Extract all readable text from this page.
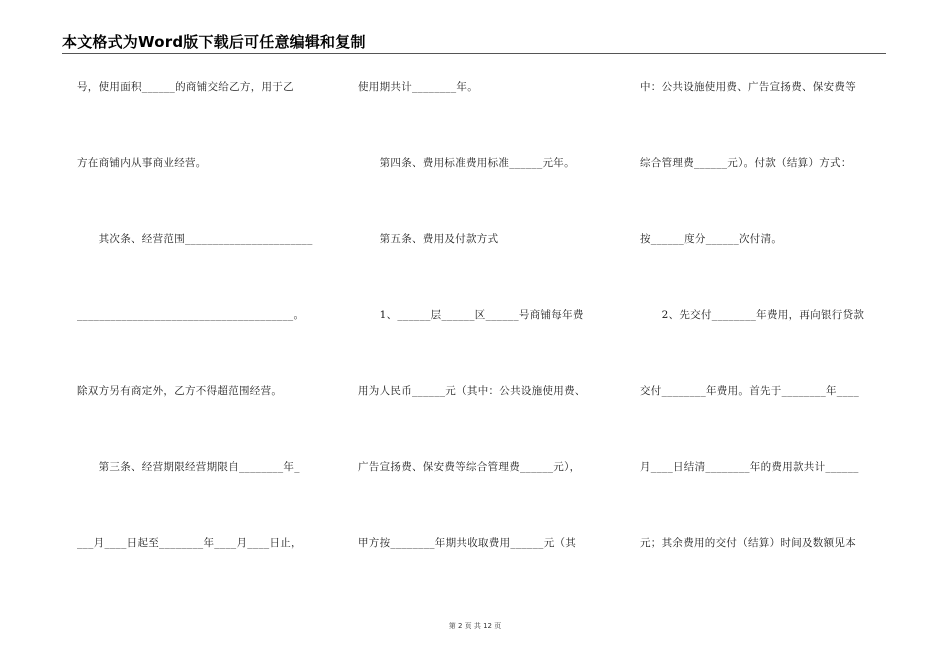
本文格式为Word版下载后可任意编辑和复制
号，使用面积______的商铺交给乙方，用于乙
方在商铺内从事商业经营。
　　其次条、经营范围_______________________
_______________________________________。
除双方另有商定外，乙方不得超范围经营。
　　第三条、经营期限经营期限自________年_
___月____日起至________年____月____日止，
使用期共计________年。
　　第四条、费用标准费用标准______元年。
　　第五条、费用及付款方式
　　1、______层______区______号商铺每年费
用为人民币______元（其中：公共设施使用费、
广告宣扬费、保安费等综合管理费______元），
甲方按________年期共收取费用______元（其
中：公共设施使用费、广告宣扬费、保安费等
综合管理费______元）。付款（结算）方式：
按______度分______次付清。
　　2、先交付________年费用，再向银行贷款
交付________年费用。首先于________年____
月____日结清________年的费用款共计______
元；其余费用的交付（结算）时间及数额见本
第 2 页 共 12 页
